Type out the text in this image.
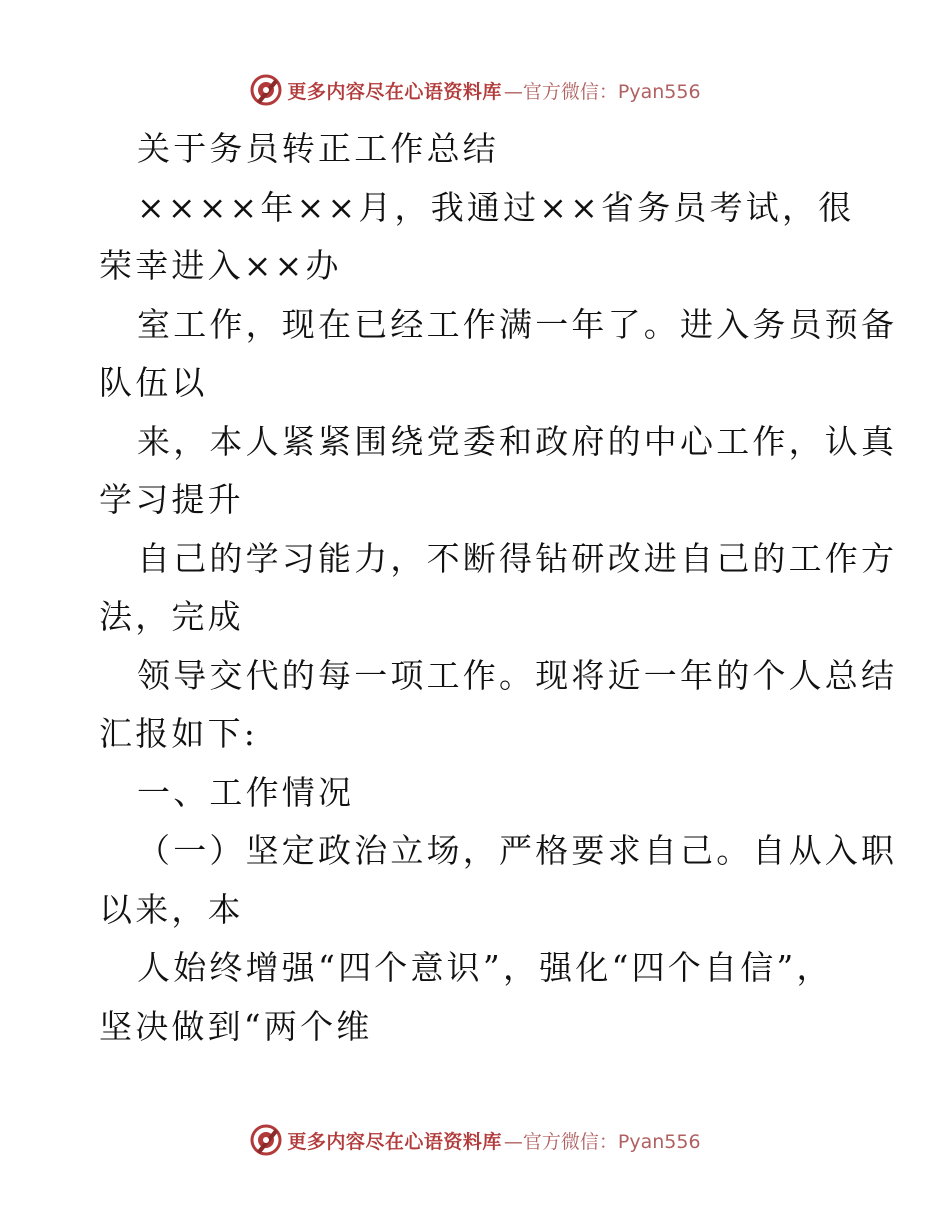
更多内容尽在心语资料库 —官方微信：Pyan556
关于务员转正工作总结
××××年××月，我通过××省务员考试，很
荣幸进入××办
室工作，现在已经工作满一年了。进入务员预备
队伍以
来，本人紧紧围绕党委和政府的中心工作，认真
学习提升
自己的学习能力，不断得钻研改进自己的工作方
法，完成
领导交代的每一项工作。现将近一年的个人总结
汇报如下:
一、工作情况
（一）坚定政治立场，严格要求自己。自从入职
以来，本
人始终增强“四个意识”，强化“四个自信”，
坚决做到“两个维
更多内容尽在心语资料库 —官方微信：Pyan556
